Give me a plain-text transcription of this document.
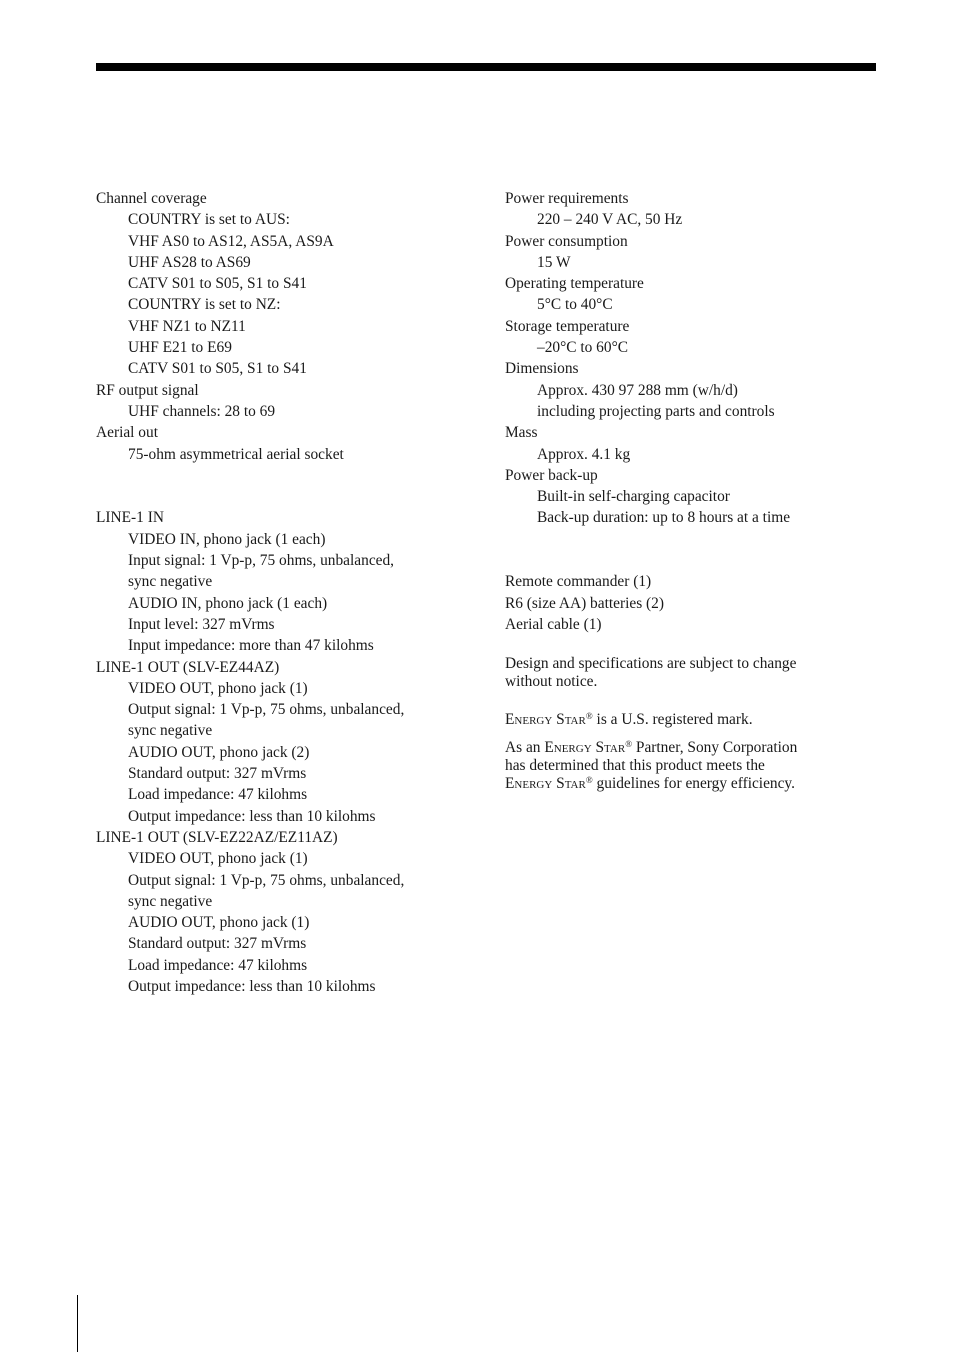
Channel coverage
COUNTRY is set to AUS:
VHF AS0 to AS12, AS5A, AS9A
UHF AS28 to AS69
CATV S01 to S05, S1 to S41
COUNTRY is set to NZ:
VHF NZ1 to NZ11
UHF E21 to E69
CATV S01 to S05, S1 to S41
RF output signal
UHF channels: 28 to 69
Aerial out
75-ohm asymmetrical aerial socket
LINE-1 IN
VIDEO IN, phono jack (1 each)
Input signal: 1 Vp-p, 75 ohms, unbalanced,
sync negative
AUDIO IN, phono jack (1 each)
Input level: 327 mVrms
Input impedance: more than 47 kilohms
LINE-1 OUT (SLV-EZ44AZ)
VIDEO OUT, phono jack (1)
Output signal: 1 Vp-p, 75 ohms, unbalanced,
sync negative
AUDIO OUT, phono jack (2)
Standard output: 327 mVrms
Load impedance: 47 kilohms
Output impedance: less than 10 kilohms
LINE-1 OUT (SLV-EZ22AZ/EZ11AZ)
VIDEO OUT, phono jack (1)
Output signal: 1 Vp-p, 75 ohms, unbalanced,
sync negative
AUDIO OUT, phono jack (1)
Standard output: 327 mVrms
Load impedance: 47 kilohms
Output impedance: less than 10 kilohms
Power requirements
220 – 240 V AC, 50 Hz
Power consumption
15 W
Operating temperature
5°C to 40°C
Storage temperature
–20°C to 60°C
Dimensions
Approx. 430 97 288 mm (w/h/d)
including projecting parts and controls
Mass
Approx. 4.1 kg
Power back-up
Built-in self-charging capacitor
Back-up duration: up to 8 hours at a time
Remote commander (1)
R6 (size AA) batteries (2)
Aerial cable (1)

Design and specifications are subject to change
without notice.

Energy Star® is a U.S. registered mark.

As an Energy Star® Partner, Sony Corporation
has determined that this product meets the
Energy Star® guidelines for energy efficiency.
